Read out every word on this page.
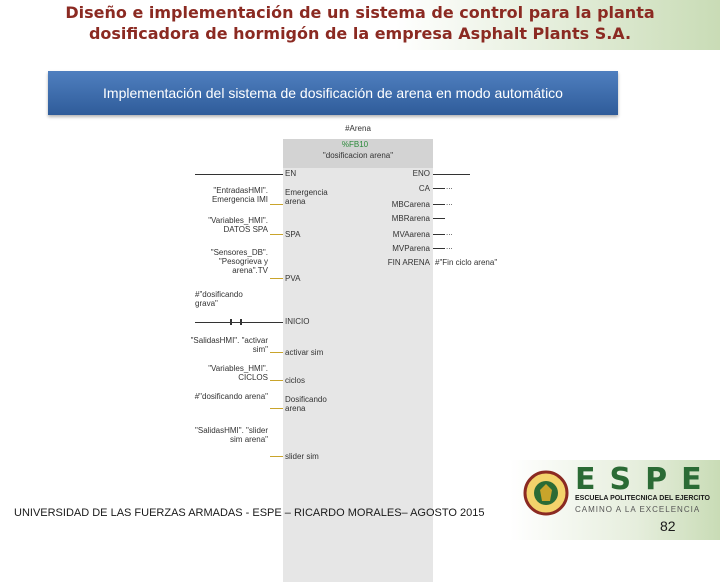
Diseño e implementación de un sistema de control para la planta
dosificadora de hormigón de la empresa Asphalt Plants S.A.
Implementación del sistema de dosificación de arena en modo automático
#Arena
%FB10
"dosificacion arena"
EN
"EntradasHMI". Emergencia IMI
Emergencia arena
"Variables_HMI". DATOS SPA
SPA
"Sensores_DB". "Pesogrieva y arena".TV
PVA
#"dosificando grava"
INICIO
"SalidasHMI". "activar sim" activar sim
"Variables_HMI". CICLOS ciclos
#"dosificando arena" Dosificando arena
"SalidasHMI". "slider sim arena"
slider sim
ENO
CA ...
MBCarena ...
MBRarena
MVAarena ...
MVParena ...
FIN ARENA #"Fin ciclo arena"
UNIVERSIDAD DE LAS FUERZAS ARMADAS - ESPE – RICARDO MORALES– AGOSTO 2015
ESPE
ESCUELA POLITECNICA DEL EJERCITO
CAMINO A LA EXCELENCIA
82
